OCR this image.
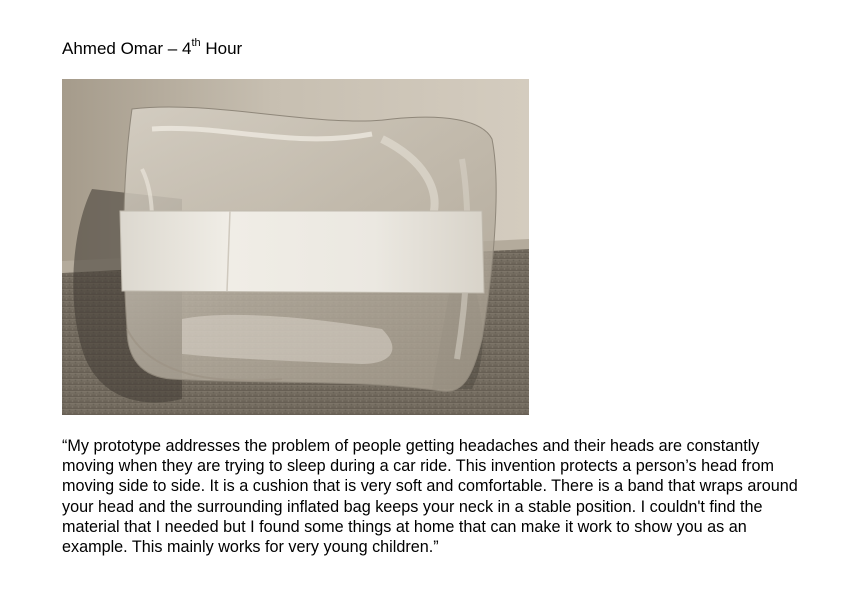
Ahmed Omar – 4th Hour

“My prototype addresses the problem of people getting headaches and their heads are constantly moving when they are trying to sleep during a car ride. This invention protects a person’s head from moving side to side. It is a cushion that is very soft and comfortable. There is a band that wraps around your head and the surrounding inflated bag keeps your neck in a stable position. I couldn't find the material that I needed but I found some things at home that can make it work to show you as an example. This mainly works for very young children.”
